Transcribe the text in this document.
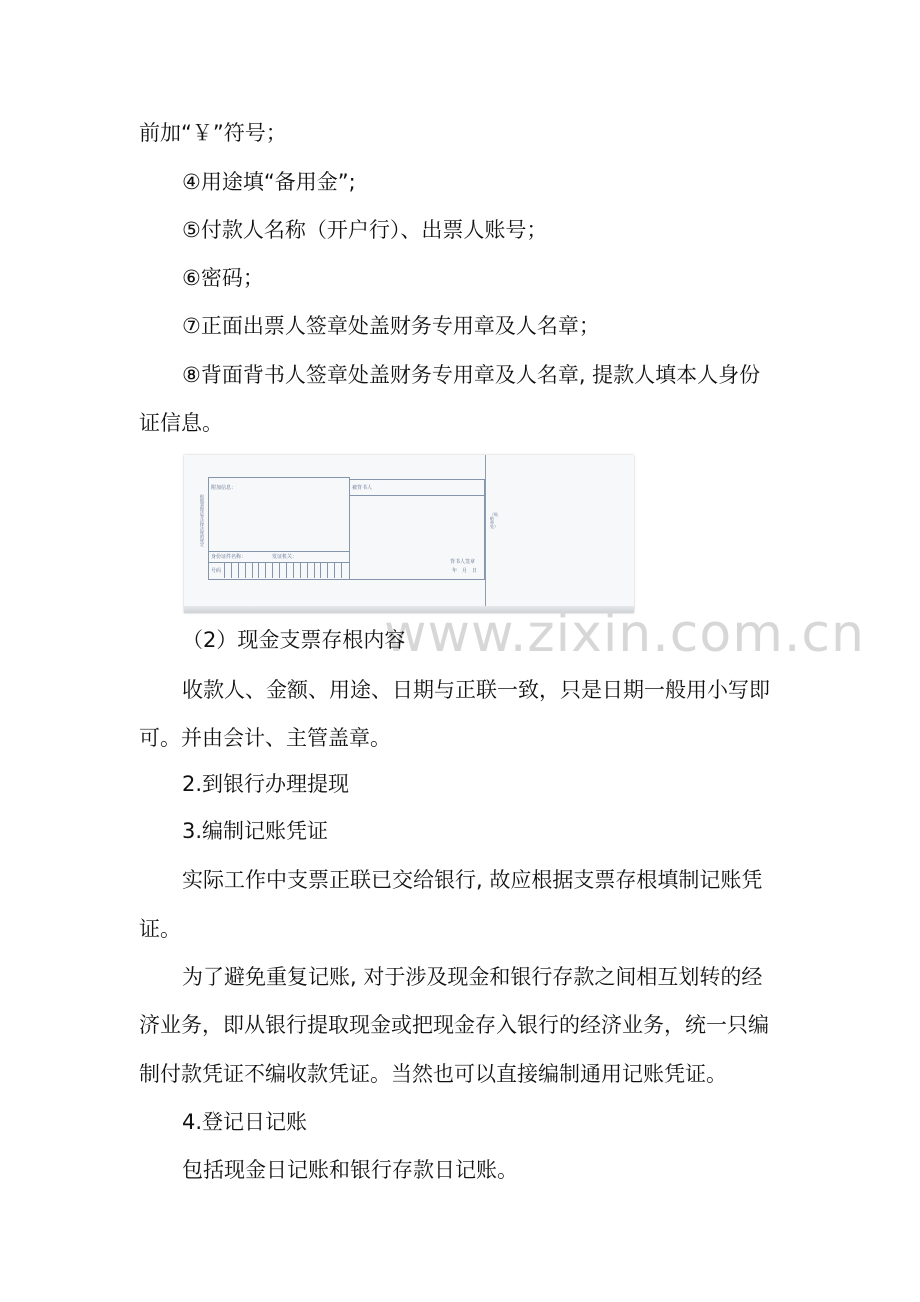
前加“￥”符号；

④用途填“备用金”;

⑤付款人名称（开户行）、出票人账号；

⑥密码；

⑦正面出票人签章处盖财务专用章及人名章；

⑧背面背书人签章处盖财务专用章及人名章, 提款人填本人身份

证信息。

附加信息：
身份证件名称：	发证机关：
号码
根据票据法等法律法规的规定
被背书人
背书人签章
年　月　日
（贴粘单处）
www.zixin.com.cn

（2）现金支票存根内容

收款人、金额、用途、日期与正联一致，只是日期一般用小写即

可。并由会计、主管盖章。

2.到银行办理提现

3.编制记账凭证

实际工作中支票正联已交给银行, 故应根据支票存根填制记账凭

证。

为了避免重复记账, 对于涉及现金和银行存款之间相互划转的经

济业务，即从银行提取现金或把现金存入银行的经济业务，统一只编

制付款凭证不编收款凭证。当然也可以直接编制通用记账凭证。

4.登记日记账

包括现金日记账和银行存款日记账。
